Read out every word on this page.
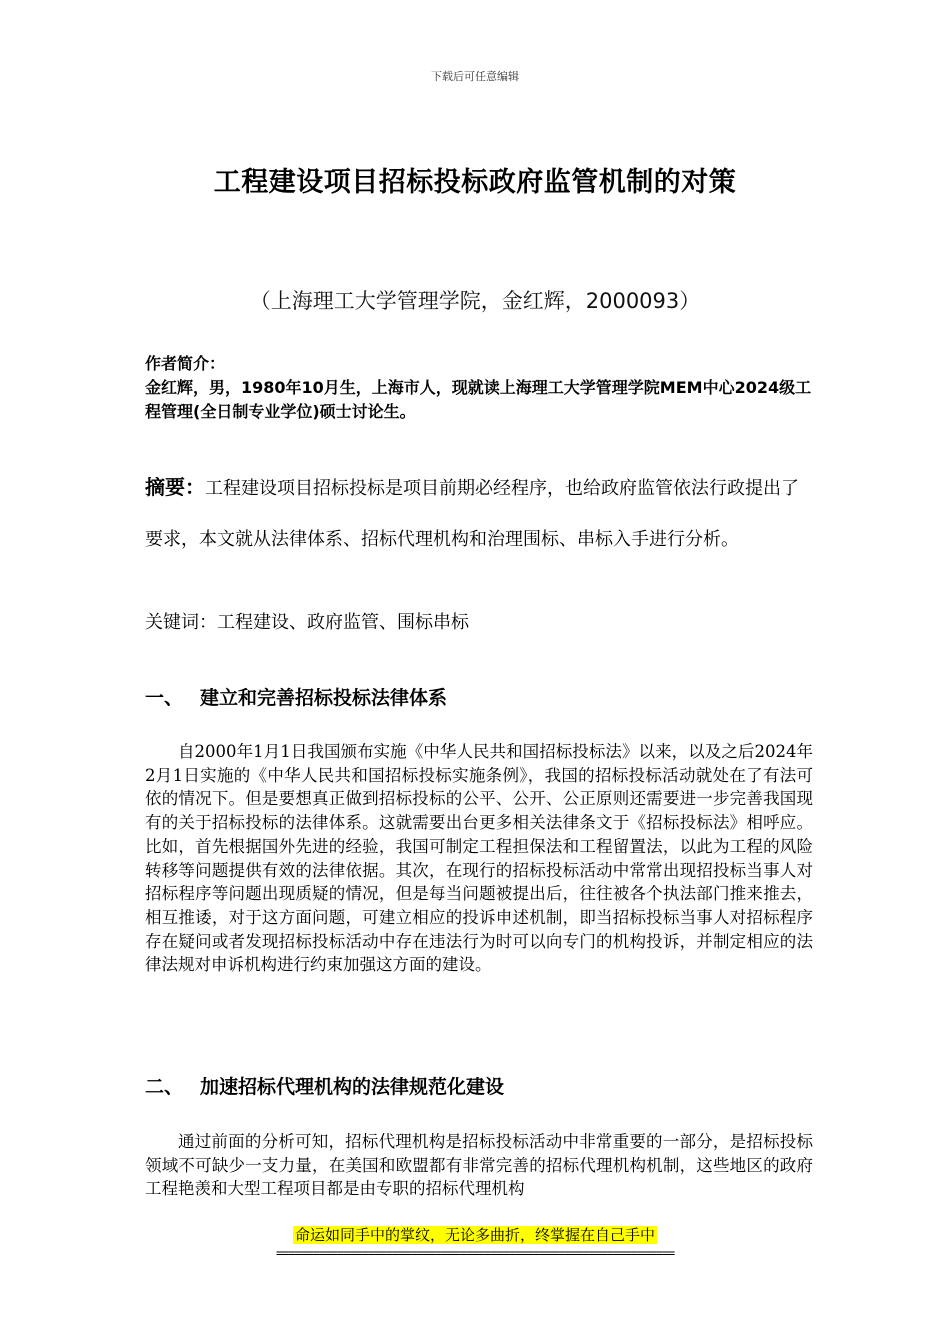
下载后可任意编辑
工程建设项目招标投标政府监管机制的对策
（上海理工大学管理学院，金红辉，2000093）
作者简介：
金红辉，男，1980年10月生，上海市人，现就读上海理工大学管理学院MEM中心2024级工程管理(全日制专业学位)硕士讨论生。
摘要：工程建设项目招标投标是项目前期必经程序，也给政府监管依法行政提出了要求，本文就从法律体系、招标代理机构和治理围标、串标入手进行分析。
关键词：工程建设、政府监管、围标串标
一、 建立和完善招标投标法律体系
自2000年1月1日我国颁布实施《中华人民共和国招标投标法》以来，以及之后2024年2月1日实施的《中华人民共和国招标投标实施条例》，我国的招标投标活动就处在了有法可依的情况下。但是要想真正做到招标投标的公平、公开、公正原则还需要进一步完善我国现有的关于招标投标的法律体系。这就需要出台更多相关法律条文于《招标投标法》相呼应。比如，首先根据国外先进的经验，我国可制定工程担保法和工程留置法，以此为工程的风险转移等问题提供有效的法律依据。其次，在现行的招标投标活动中常常出现招投标当事人对招标程序等问题出现质疑的情况，但是每当问题被提出后，往往被各个执法部门推来推去，相互推诿，对于这方面问题，可建立相应的投诉申述机制，即当招标投标当事人对招标程序存在疑问或者发现招标投标活动中存在违法行为时可以向专门的机构投诉，并制定相应的法律法规对申诉机构进行约束加强这方面的建设。
二、 加速招标代理机构的法律规范化建设
通过前面的分析可知，招标代理机构是招标投标活动中非常重要的一部分，是招标投标领域不可缺少一支力量，在美国和欧盟都有非常完善的招标代理机构机制，这些地区的政府工程艳羡和大型工程项目都是由专职的招标代理机构
命运如同手中的掌纹，无论多曲折，终掌握在自己手中
=================================================================
